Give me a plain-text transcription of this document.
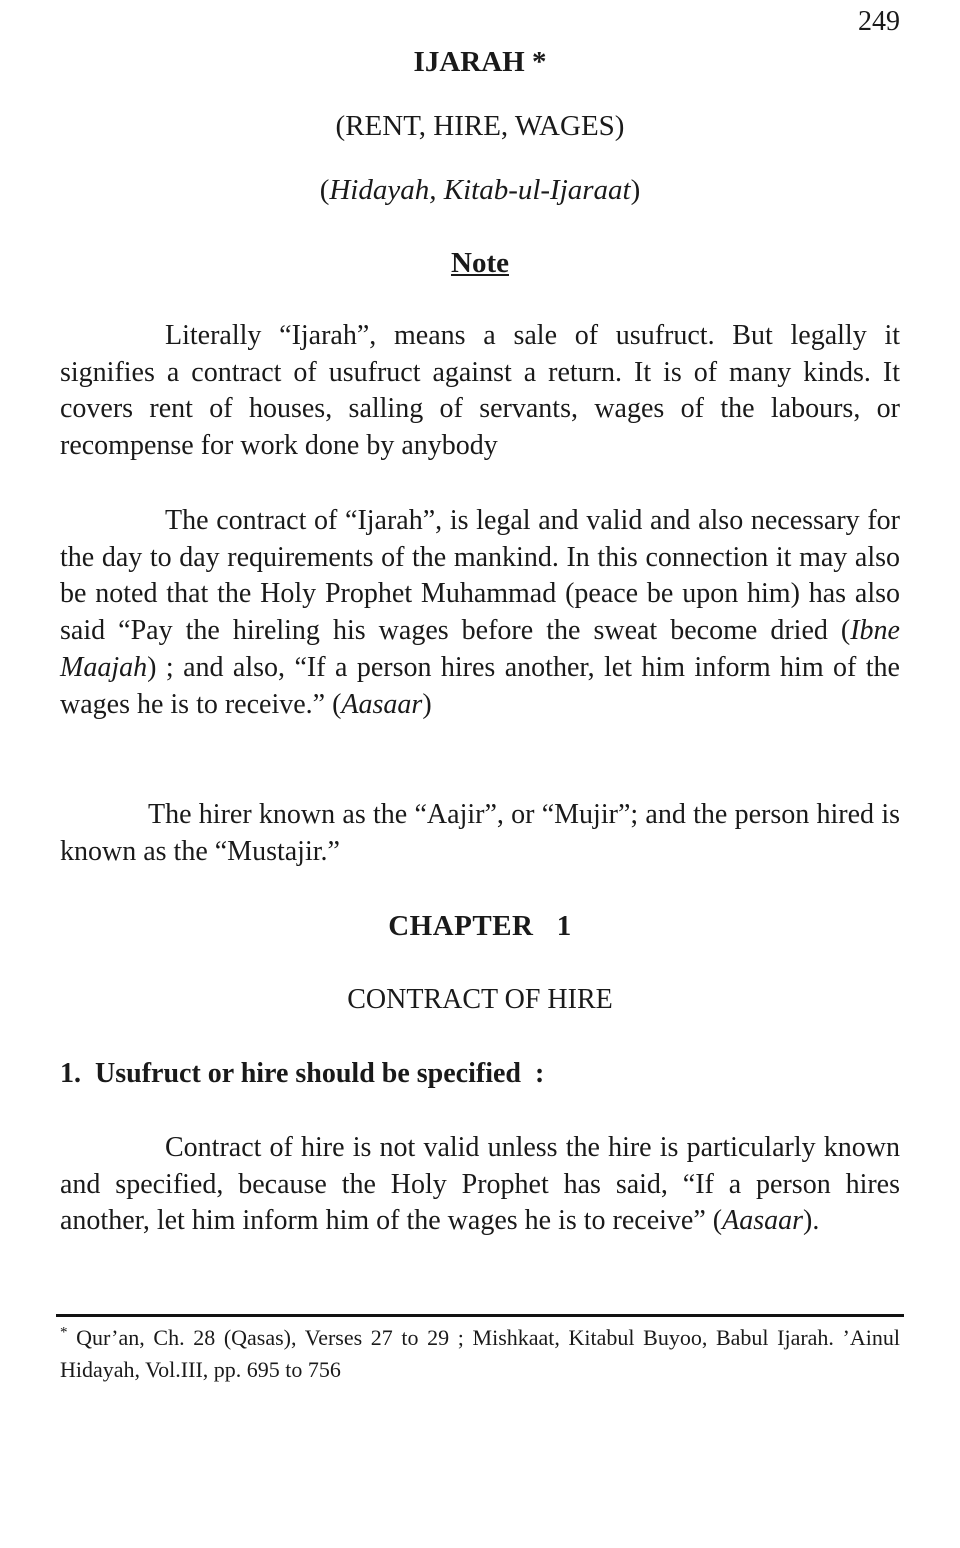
249
IJARAH *
(RENT, HIRE, WAGES)
(Hidayah, Kitab-ul-Ijaraat)
Note

Literally “Ijarah”, means a sale of usufruct. But legally it signifies a contract of usufruct against a return. It is of many kinds. It covers rent of houses, salling of servants, wages of the labours, or recompense for work done by anybody

The contract of “Ijarah”, is legal and valid and also necessary for the day to day requirements of the mankind. In this connection it may also be noted that the Holy Prophet Muhammad (peace be upon him) has also said “Pay the hireling his wages before the sweat become dried (Ibne Maajah) ; and also, “If a person hires another, let him inform him of the wages he is to receive.” (Aasaar)

The hirer known as the “Aajir”, or “Mujir”; and the person hired is known as the “Mustajir.”

CHAPTER   1
CONTRACT OF HIRE
1.  Usufruct or hire should be specified  :

Contract of hire is not valid unless the hire is particularly known and specified, because the Holy Prophet has said, “If a person hires another, let him inform him of the wages he is to receive” (Aasaar).

* Qur’an, Ch. 28 (Qasas), Verses 27 to 29 ; Mishkaat, Kitabul Buyoo, Babul Ijarah. ’Ainul Hidayah, Vol.III, pp. 695 to 756
